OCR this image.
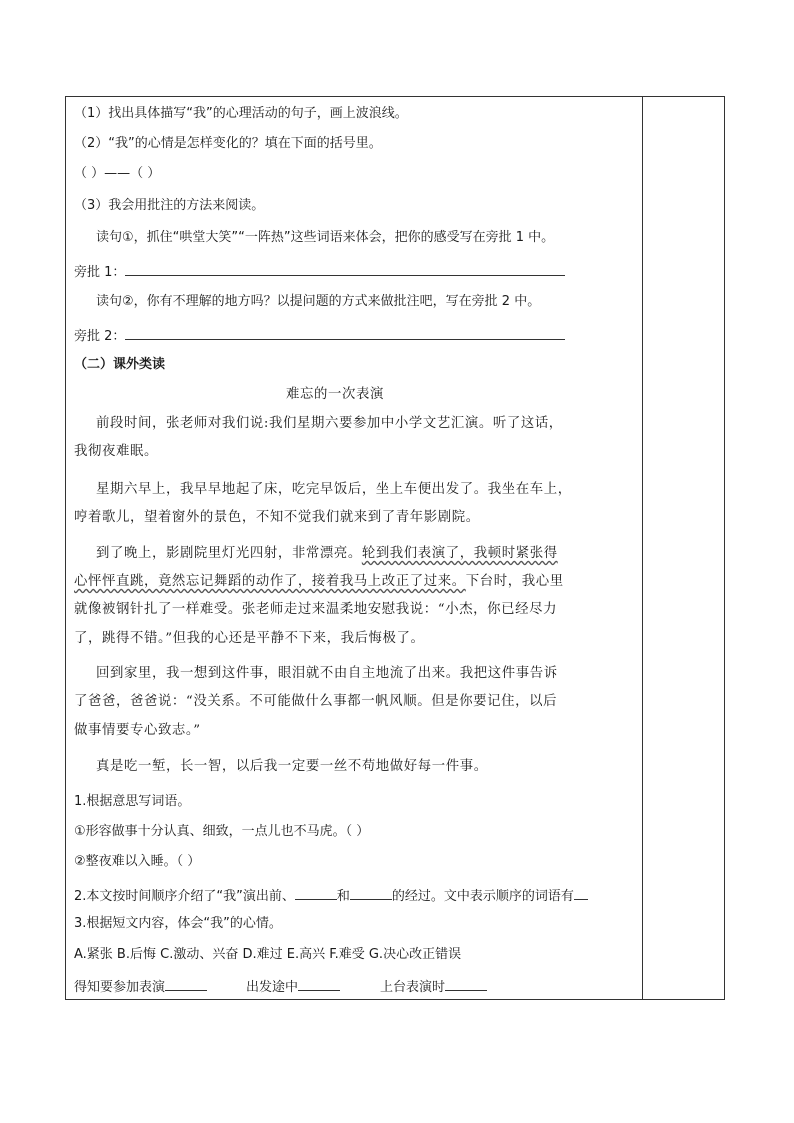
（1）找出具体描写“我”的心理活动的句子，画上波浪线。
（2）“我”的心情是怎样变化的？填在下面的括号里。
（ ）——（ ）
（3）我会用批注的方法来阅读。
读句①，抓住“哄堂大笑”“一阵热”这些词语来体会，把你的感受写在旁批 1 中。
旁批 1：
读句②，你有不理解的地方吗？以提问题的方式来做批注吧，写在旁批 2 中。
旁批 2：
（二）课外类读
难忘的一次表演
前段时间，张老师对我们说:我们星期六要参加中小学文艺汇演。听了这话，
我彻夜难眠。
星期六早上，我早早地起了床，吃完早饭后，坐上车便出发了。我坐在车上，
哼着歌儿，望着窗外的景色，不知不觉我们就来到了青年影剧院。
到了晚上，影剧院里灯光四射，非常漂亮。轮到我们表演了，我顿时紧张得
心怦怦直跳，竟然忘记舞蹈的动作了，接着我马上改正了过来。下台时，我心里
就像被钢针扎了一样难受。张老师走过来温柔地安慰我说：“小杰，你已经尽力
了，跳得不错。”但我的心还是平静不下来，我后悔极了。
回到家里，我一想到这件事，眼泪就不由自主地流了出来。我把这件事告诉
了爸爸，爸爸说：“没关系。不可能做什么事都一帆风顺。但是你要记住，以后
做事情要专心致志。”
真是吃一堑，长一智，以后我一定要一丝不苟地做好每一件事。
1.根据意思写词语。
①形容做事十分认真、细致，一点儿也不马虎。（ ）
②整夜难以入睡。（ ）
2.本文按时间顺序介绍了“我”演出前、	和	的经过。文中表示顺序的词语有
3.根据短文内容，体会“我”的心情。
A.紧张 B.后悔 C.激动、兴奋 D.难过 E.高兴 F.难受 G.决心改正错误
得知要参加表演	出发途中	上台表演时
